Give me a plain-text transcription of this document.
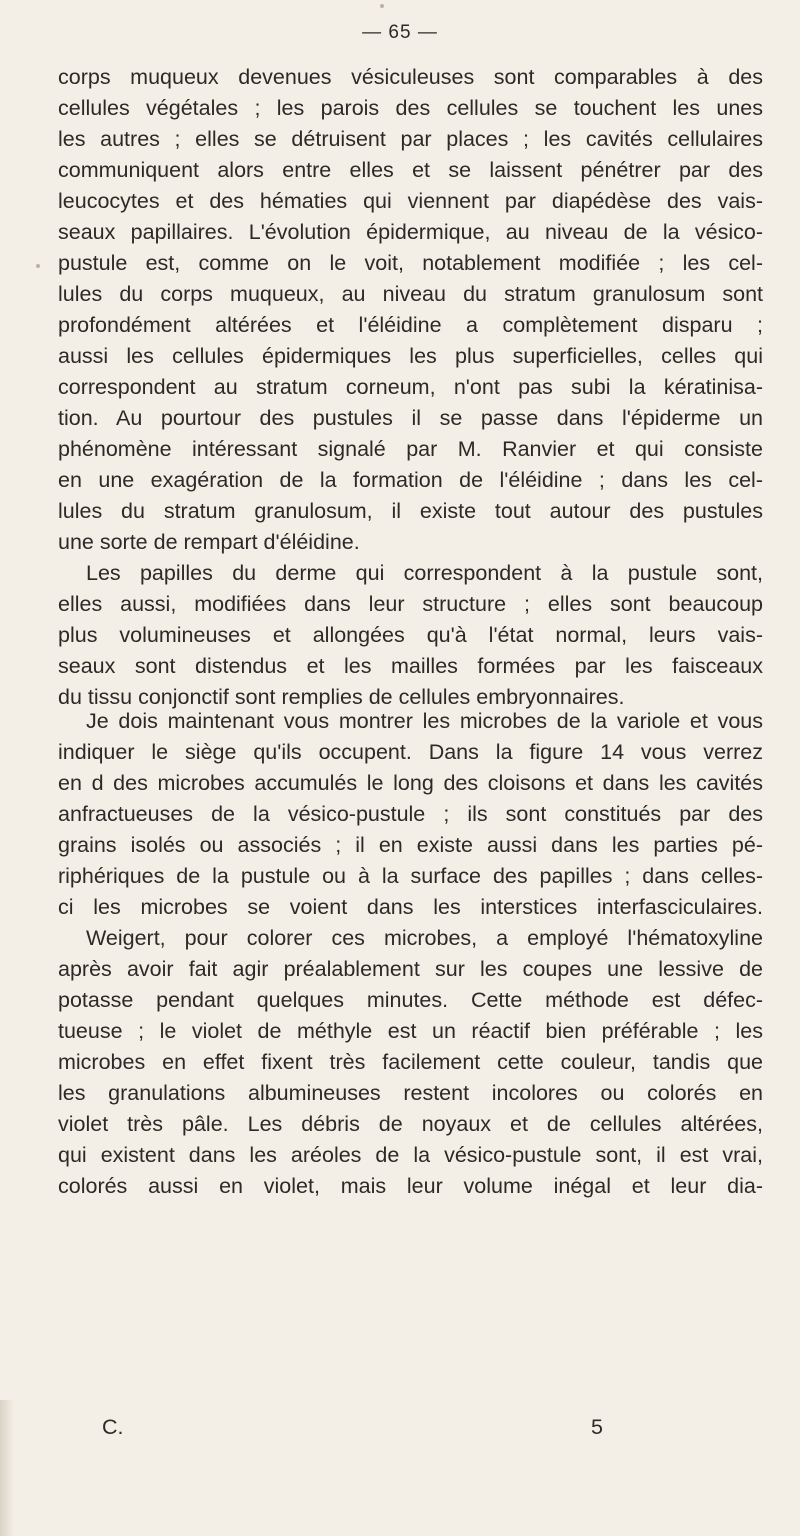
— 65 —
corps muqueux devenues vésiculeuses sont comparables à des
cellules végétales ; les parois des cellules se touchent les unes
les autres ; elles se détruisent par places ; les cavités cellulaires
communiquent alors entre elles et se laissent pénétrer par des
leucocytes et des hématies qui viennent par diapédèse des vais-
seaux papillaires. L'évolution épidermique, au niveau de la vésico-
pustule est, comme on le voit, notablement modifiée ; les cel-
lules du corps muqueux, au niveau du stratum granulosum sont
profondément altérées et l'éléidine a complètement disparu ;
aussi les cellules épidermiques les plus superficielles, celles qui
correspondent au stratum corneum, n'ont pas subi la kératinisa-
tion. Au pourtour des pustules il se passe dans l'épiderme un
phénomène intéressant signalé par M. Ranvier et qui consiste
en une exagération de la formation de l'éléidine ; dans les cel-
lules du stratum granulosum, il existe tout autour des pustules
une sorte de rempart d'éléidine.
Les papilles du derme qui correspondent à la pustule sont,
elles aussi, modifiées dans leur structure ; elles sont beaucoup
plus volumineuses et allongées qu'à l'état normal, leurs vais-
seaux sont distendus et les mailles formées par les faisceaux
du tissu conjonctif sont remplies de cellules embryonnaires.
Je dois maintenant vous montrer les microbes de la variole et vous
indiquer le siège qu'ils occupent. Dans la figure 14 vous verrez
en d des microbes accumulés le long des cloisons et dans les cavités
anfractueuses de la vésico-pustule ; ils sont constitués par des
grains isolés ou associés ; il en existe aussi dans les parties pé-
riphériques de la pustule ou à la surface des papilles ; dans celles-
ci les microbes se voient dans les interstices interfasciculaires.
Weigert, pour colorer ces microbes, a employé l'hématoxyline
après avoir fait agir préalablement sur les coupes une lessive de
potasse pendant quelques minutes. Cette méthode est défec-
tueuse ; le violet de méthyle est un réactif bien préférable ; les
microbes en effet fixent très facilement cette couleur, tandis que
les granulations albumineuses restent incolores ou colorés en
violet très pâle. Les débris de noyaux et de cellules altérées,
qui existent dans les aréoles de la vésico-pustule sont, il est vrai,
colorés aussi en violet, mais leur volume inégal et leur dia-
C.	5
